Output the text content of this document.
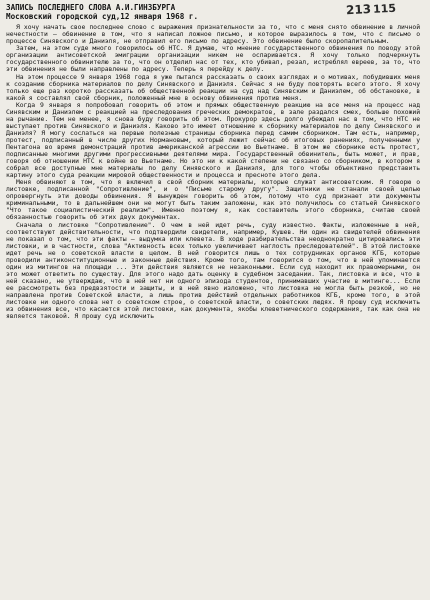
213115
ЗАПИСЬ ПОСЛЕДНЕГО СЛОВА А.И.ГИНЗБУРГА
Московский городской суд,12 января 1968 г.

Я хочу начать свое последнее слово с выражения признательности за то, что с меня снято обвинение в личной нечестности — обвинение в том, что я написал ложное письмо, и которое выразилось в том, что с письмо о процессе Синявского и Даниэля, не отправил его письмо по адресу. Это обвинение было скоропалительным.

Затем, на этом суде много говорилось об НТС. Я думаю, что мнение государственного обвинения по поводу этой организации антисоветской эмиграции организации никем не оспаривается. Я хочу только подчеркнуть государственного обвинителю за то, что он отделил нас от тех, кто убивал, резал, истреблял евреев, за то, что эти обвинения не были направлены по адресу. Теперь я перейду к делу.

На этом процессе 9 января 1968 года я уже пытался рассказать о своих взглядах и о мотивах, побудивших меня к созданию сборника материалов по делу Синявского и Даниэля. Сейчас я не буду повторять всего этого. Я хочу только еще раз коротко рассказать об общественной реакции на суд над Синявским и Даниэлем, об обстановке, в какой я составлял свой сборник, положенный мне в основу обвинения против меня.

Когда 9 января я попробовал говорить об этом и прямых общественную реакцию на все меня на процесс над Синявским и Даниэлем с реакцией на преследования греческих демократов, в зале раздался смех, больше похожий на рычание. Тем не менее, я снова буду говорить об этом. Прокурор здесь долго убеждал нас в том, что НТС не выступает против Синявского и Даниэля. Каково это имеет отношение к сборнику материалов по делу Синявского и Даниэля? Я могу сослаться на первые полезные страницы сборника перед самим сборником. Там есть, например, протест, подписанный в числе других Нормановым, который лежит сейчас об итоговых ранениях, полученными у Пентагона во время демонстраций против американской агрессии во Вьетнаме. В этом же сборнике есть протест, подписанные многими другими прогрессивными деятелями мира. Государственный обвинитель, быть может, и прав, говоря об отношении НТС к войне во Вьетнаме. Но это ни к какой степени не связано со сборником, в котором я собрал все доступные мне материалы по делу Синявского и Даниэля, для того чтобы объективно представить картину этого суда реакции мировой общественности и процесса и пресноте этого дела.

Меня обвиняют в том, что я включил в свой сборник материалы, которые служат антисоветским. Я говорю о листовке, подписанной "Сопротивление", и о "Письме старому другу". Защитники не станали своей целью опровергнуть эти доводы обвинения. Я вынужден говорить об этом, потому что суд признает эти документы криминальными, то в дальнейшем они не могут быть таким заложены, как это получилось со статьей Синявского "Что такое социалистический реализм". Именно поэтому я, как составитель этого сборника, считаю своей обязанностью говорить об этих двух документах.

Сначала о листовке "Сопротивление". О чем в ней идет речь, суду известно. Факты, изложенные в ней, соответствуют действительности, что подтвердили свидетели, например, Кушев. Ни один из свидетелей обвинения не показал о том, что эти факты — выдумка или клевета. В ходе разбирательства неоднократно цитировались эти листовки, и в частности, слова "Активность всех только увеличивает наглость преследователей". В этой листовке идет речь не о советской власти в целом. В ней говорится лишь о тех сотрудниках органов КГБ, которые проводили антиконституционные и законные действия. Кроме того, там говорится о том, что в ней упоминается один из митингов на площади ... Эти действия являются не незаконными. Если суд находит их правомерными, он это может ответить по существу. Для этого надо дать оценку в судебном заседании. Так, листовка и все, что в ней сказано, не утверждаю, что в ней нет ни одного эпизода студентов, принимавших участие в митинге... Если ее рассмотреть без предвзятости и защиты, и в ней явно изложено, что листовка не могла быть резкой, но не направлена против Советской власти, а лишь против действий отдельных работников КГБ, кроме того, в этой листовке ни одного слова нет о советском строе, о советской власти, о советских людях. Я прошу суд исключить из обвинения все, что касается этой листовки, как документа, якобы клеветнического содержания, так как она не является таковой. Я прошу суд исключить
